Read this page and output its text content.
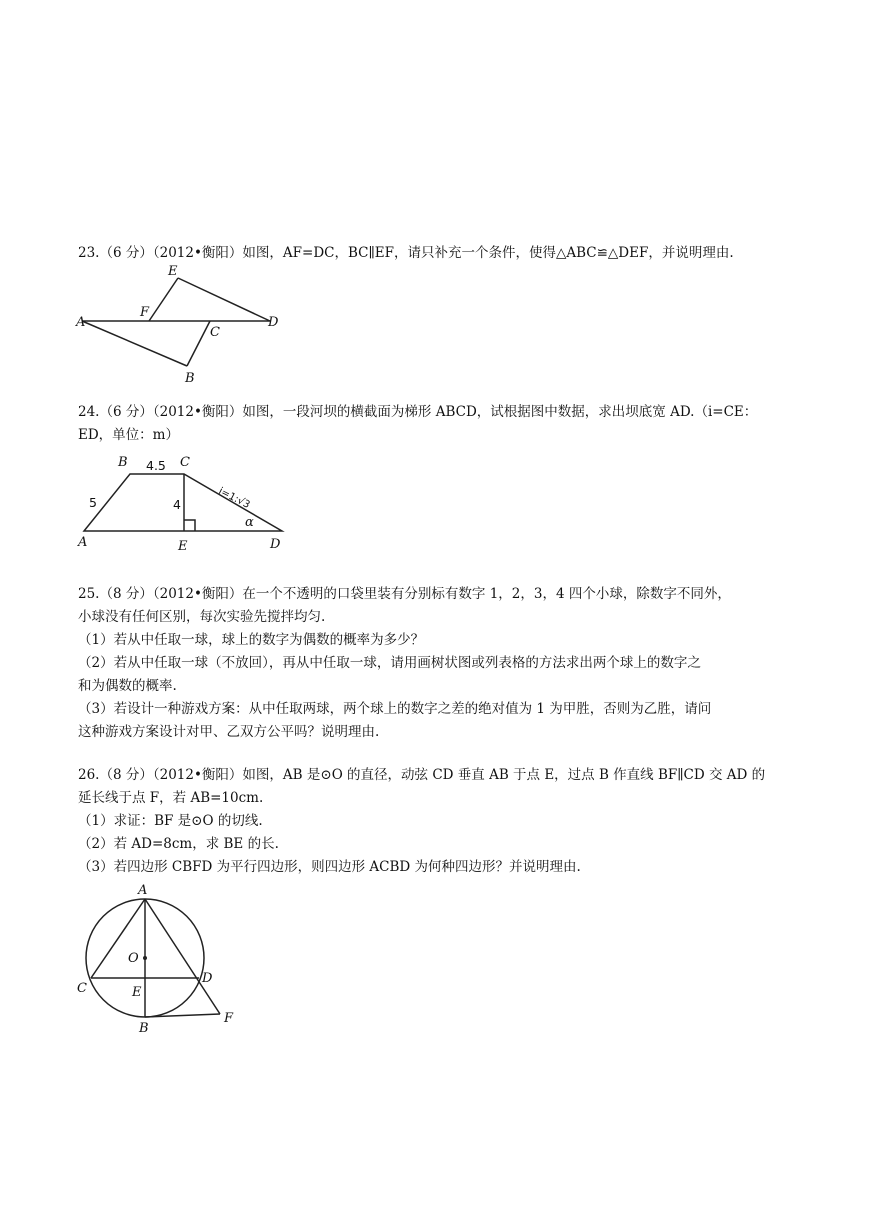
23.（6 分）（2012•衡阳）如图，AF=DC，BC∥EF，请只补充一个条件，使得△ABC≌△DEF，并说明理由.
A
B
C
D
E
F
24.（6 分）（2012•衡阳）如图，一段河坝的横截面为梯形 ABCD，试根据图中数据，求出坝底宽 AD.（i=CE：
ED，单位：m）
B	C
A	E	D
4.5
5	4	i=1:√3
α
25.（8 分）（2012•衡阳）在一个不透明的口袋里装有分别标有数字 1，2，3，4 四个小球，除数字不同外，
小球没有任何区别，每次实验先搅拌均匀.
（1）若从中任取一球，球上的数字为偶数的概率为多少？
（2）若从中任取一球（不放回），再从中任取一球，请用画树状图或列表格的方法求出两个球上的数字之
和为偶数的概率.
（3）若设计一种游戏方案：从中任取两球，两个球上的数字之差的绝对值为 1 为甲胜，否则为乙胜，请问
这种游戏方案设计对甲、乙双方公平吗？说明理由.
26.（8 分）（2012•衡阳）如图，AB 是⊙O 的直径，动弦 CD 垂直 AB 于点 E，过点 B 作直线 BF∥CD 交 AD 的
延长线于点 F，若 AB=10cm.
（1）求证：BF 是⊙O 的切线.
（2）若 AD=8cm，求 BE 的长.
（3）若四边形 CBFD 为平行四边形，则四边形 ACBD 为何种四边形？并说明理由.
A
B
C
D
E
F
O
